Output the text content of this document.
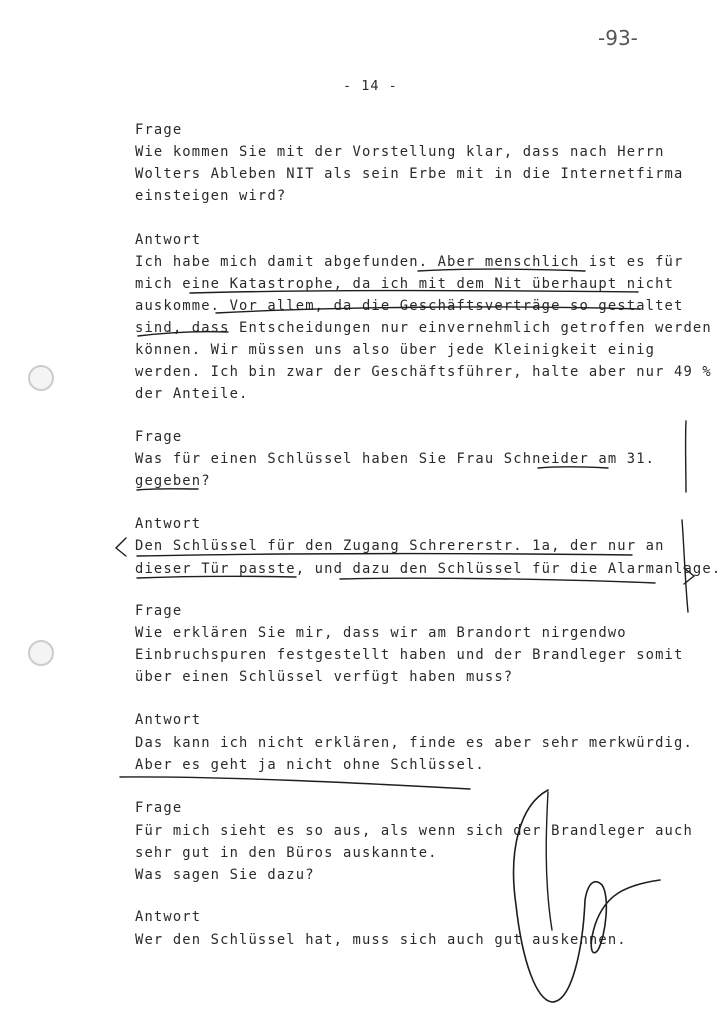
-93-
- 14 -
Frage
Wie kommen Sie mit der Vorstellung klar, dass nach Herrn
Wolters Ableben NIT als sein Erbe mit in die Internetfirma
einsteigen wird?
Antwort
Ich habe mich damit abgefunden. Aber menschlich ist es für
mich eine Katastrophe, da ich mit dem Nit überhaupt nicht
auskomme. Vor allem, da die Geschäftsverträge so gestaltet
sind, dass Entscheidungen nur einvernehmlich getroffen werden
können. Wir müssen uns also über jede Kleinigkeit einig
werden. Ich bin zwar der Geschäftsführer, halte aber nur 49 %
der Anteile.
Frage
Was für einen Schlüssel haben Sie Frau Schneider am 31.
gegeben?
Antwort
Den Schlüssel für den Zugang Schrererstr. 1a, der nur an
dieser Tür passte, und dazu den Schlüssel für die Alarmanlage.
Frage
Wie erklären Sie mir, dass wir am Brandort nirgendwo
Einbruchspuren festgestellt haben und der Brandleger somit
über einen Schlüssel verfügt haben muss?
Antwort
Das kann ich nicht erklären, finde es aber sehr merkwürdig.
Aber es geht ja nicht ohne Schlüssel.
Frage
Für mich sieht es so aus, als wenn sich der Brandleger auch
sehr gut in den Büros auskannte.
Was sagen Sie dazu?
Antwort
Wer den Schlüssel hat, muss sich auch gut auskennen.
